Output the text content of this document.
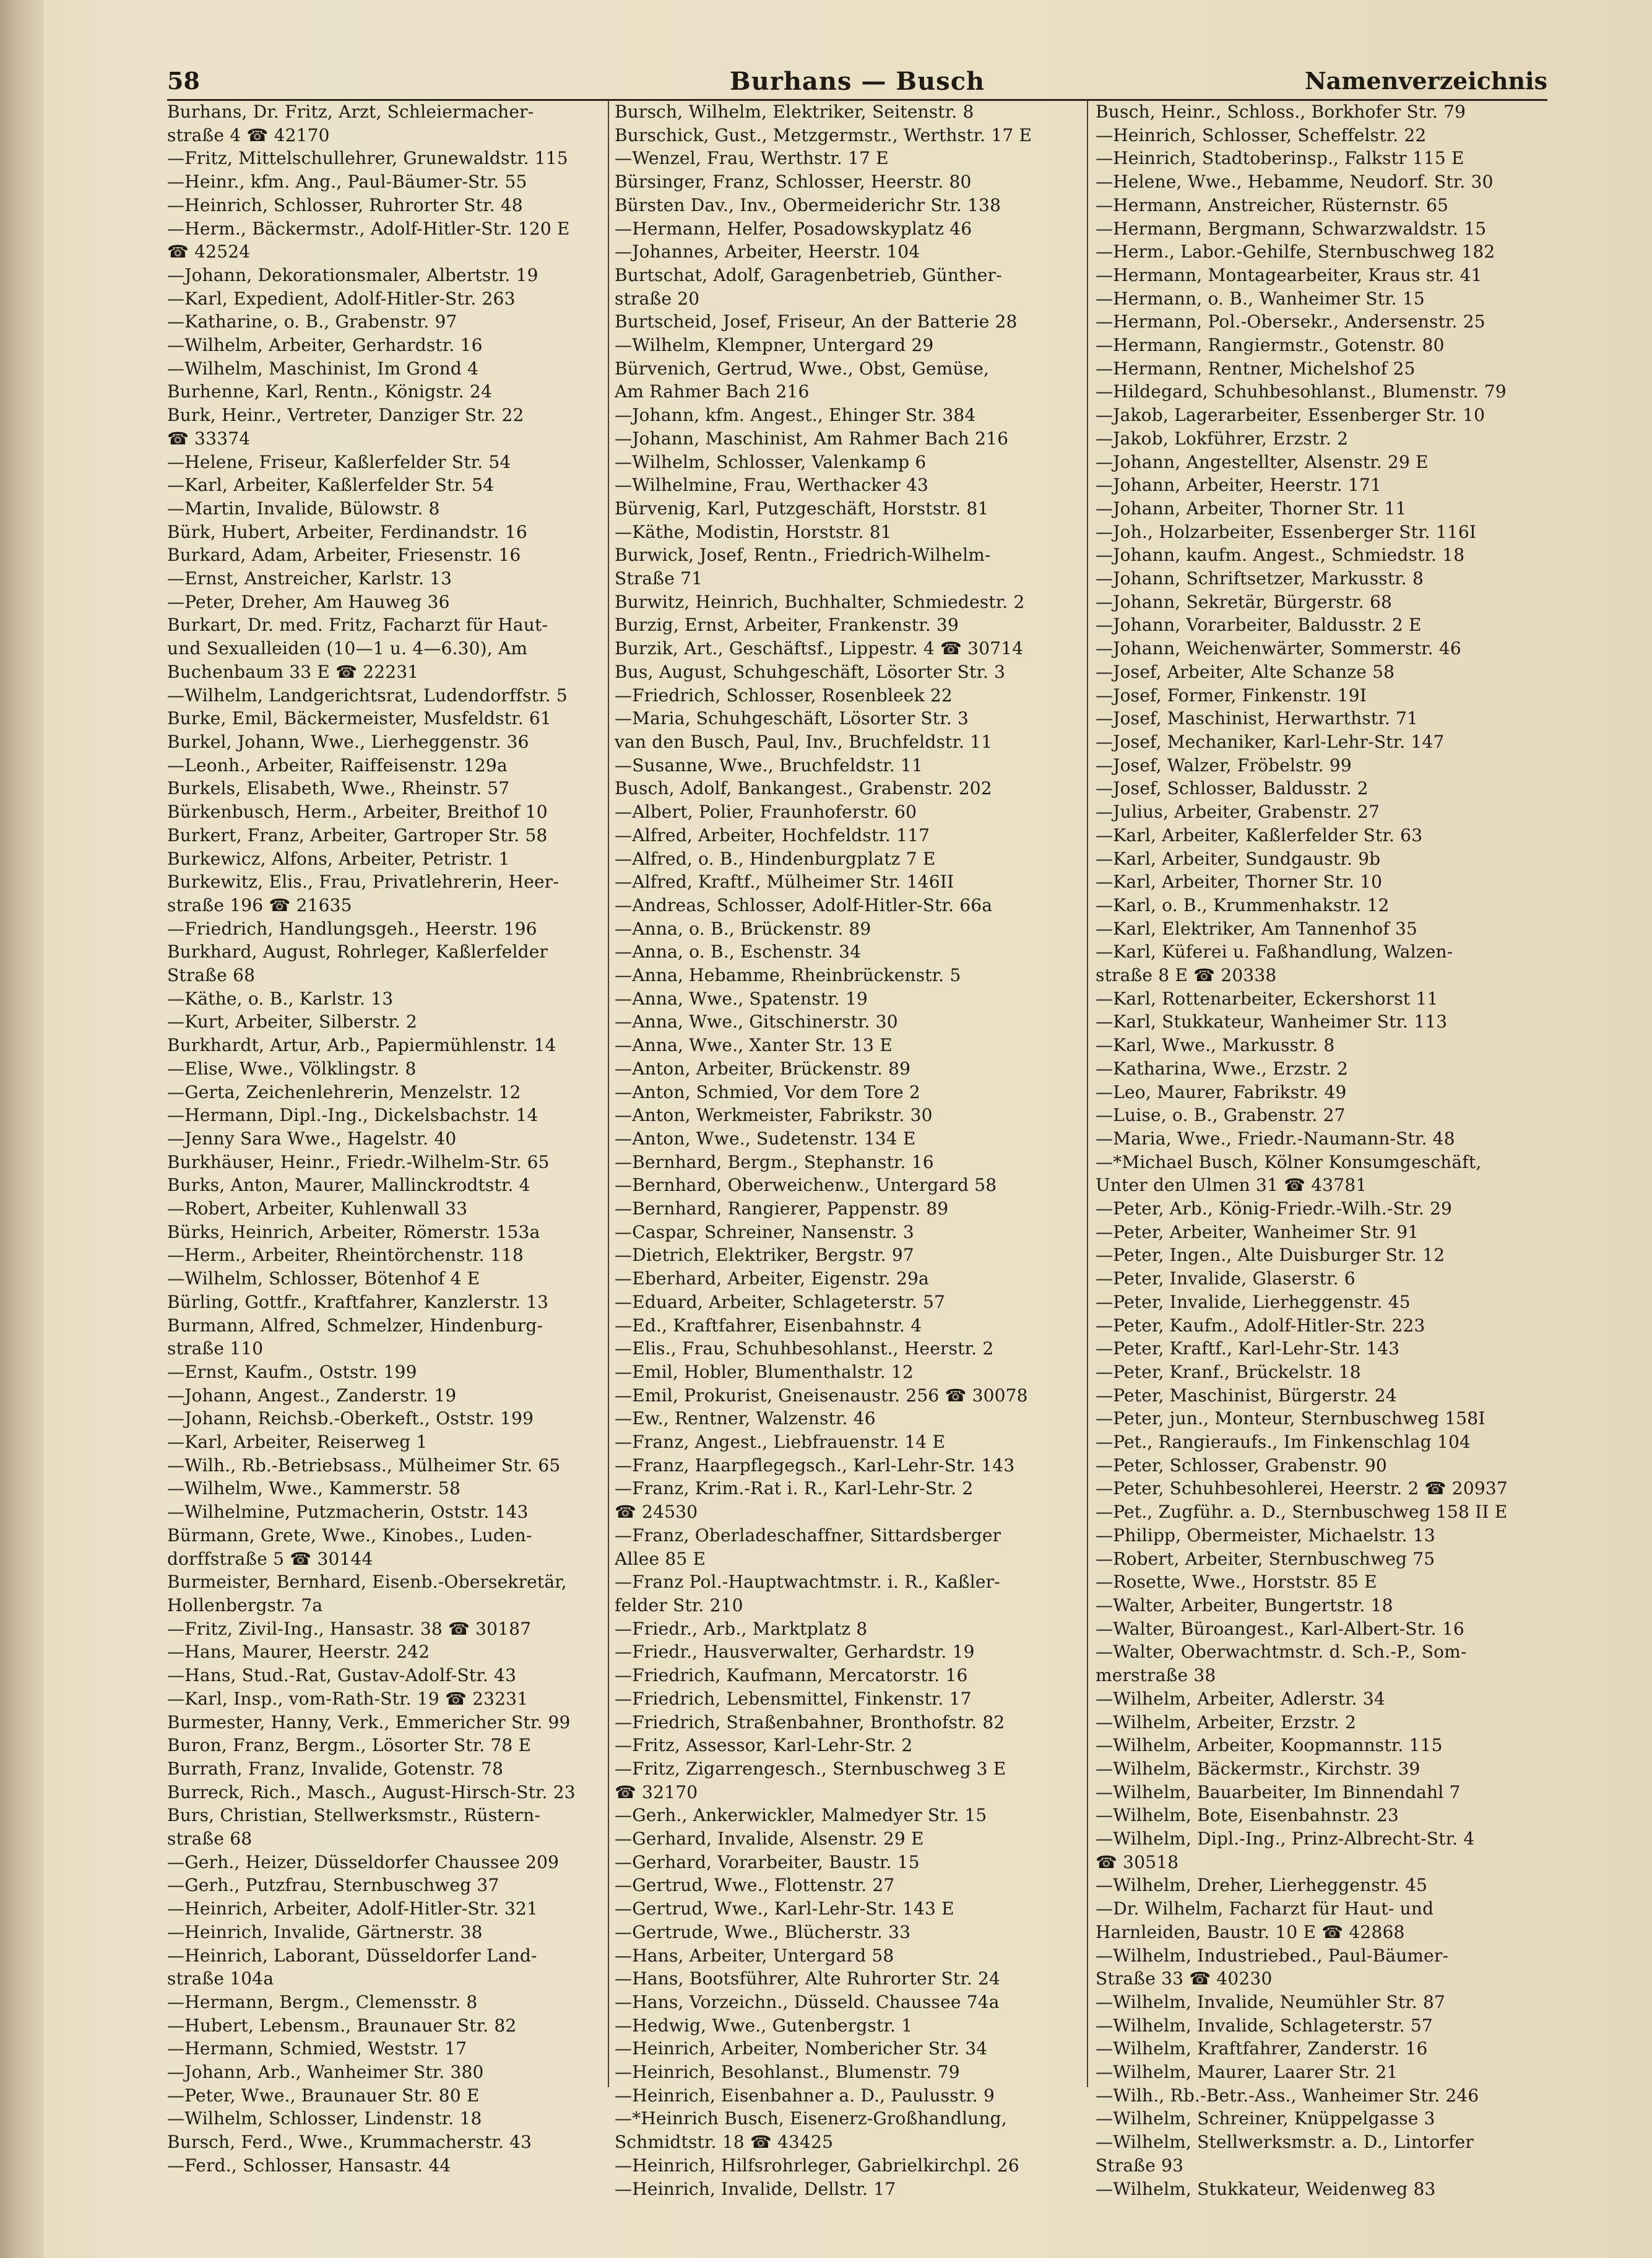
58	Burhans — Busch	Namenverzeichnis

Burhans, Dr. Fritz, Arzt, Schleiermacher-
straße 4 ☎ 42170

—Fritz, Mittelschullehrer, Grunewaldstr. 115

—Heinr., kfm. Ang., Paul-Bäumer-Str. 55

—Heinrich, Schlosser, Ruhrorter Str. 48

—Herm., Bäckermstr., Adolf-Hitler-Str. 120 E
☎ 42524

—Johann, Dekorationsmaler, Albertstr. 19

—Karl, Expedient, Adolf-Hitler-Str. 263

—Katharine, o. B., Grabenstr. 97

—Wilhelm, Arbeiter, Gerhardstr. 16

—Wilhelm, Maschinist, Im Grond 4

Burhenne, Karl, Rentn., Königstr. 24

Burk, Heinr., Vertreter, Danziger Str. 22
☎ 33374

—Helene, Friseur, Kaßlerfelder Str. 54

—Karl, Arbeiter, Kaßlerfelder Str. 54

—Martin, Invalide, Bülowstr. 8

Bürk, Hubert, Arbeiter, Ferdinandstr. 16

Burkard, Adam, Arbeiter, Friesenstr. 16

—Ernst, Anstreicher, Karlstr. 13

—Peter, Dreher, Am Hauweg 36

Burkart, Dr. med. Fritz, Facharzt für Haut-
und Sexualleiden (10—1 u. 4—6.30), Am
Buchenbaum 33 E ☎ 22231

—Wilhelm, Landgerichtsrat, Ludendorffstr. 5

Burke, Emil, Bäckermeister, Musfeldstr. 61

Burkel, Johann, Wwe., Lierheggenstr. 36

—Leonh., Arbeiter, Raiffeisenstr. 129a

Burkels, Elisabeth, Wwe., Rheinstr. 57

Bürkenbusch, Herm., Arbeiter, Breithof 10

Burkert, Franz, Arbeiter, Gartroper Str. 58

Burkewicz, Alfons, Arbeiter, Petristr. 1

Burkewitz, Elis., Frau, Privatlehrerin, Heer-
straße 196 ☎ 21635

—Friedrich, Handlungsgeh., Heerstr. 196

Burkhard, August, Rohrleger, Kaßlerfelder
Straße 68

—Käthe, o. B., Karlstr. 13

—Kurt, Arbeiter, Silberstr. 2

Burkhardt, Artur, Arb., Papiermühlenstr. 14

—Elise, Wwe., Völklingstr. 8

—Gerta, Zeichenlehrerin, Menzelstr. 12

—Hermann, Dipl.-Ing., Dickelsbachstr. 14

—Jenny Sara Wwe., Hagelstr. 40

Burkhäuser, Heinr., Friedr.-Wilhelm-Str. 65

Burks, Anton, Maurer, Mallinckrodtstr. 4

—Robert, Arbeiter, Kuhlenwall 33

Bürks, Heinrich, Arbeiter, Römerstr. 153a

—Herm., Arbeiter, Rheintörchenstr. 118

—Wilhelm, Schlosser, Bötenhof 4 E

Bürling, Gottfr., Kraftfahrer, Kanzlerstr. 13

Burmann, Alfred, Schmelzer, Hindenburg-
straße 110

—Ernst, Kaufm., Oststr. 199

—Johann, Angest., Zanderstr. 19

—Johann, Reichsb.-Oberkeft., Oststr. 199

—Karl, Arbeiter, Reiserweg 1

—Wilh., Rb.-Betriebsass., Mülheimer Str. 65

—Wilhelm, Wwe., Kammerstr. 58

—Wilhelmine, Putzmacherin, Oststr. 143

Bürmann, Grete, Wwe., Kinobes., Luden-
dorffstraße 5 ☎ 30144

Burmeister, Bernhard, Eisenb.-Obersekretär,
Hollenbergstr. 7a

—Fritz, Zivil-Ing., Hansastr. 38 ☎ 30187

—Hans, Maurer, Heerstr. 242

—Hans, Stud.-Rat, Gustav-Adolf-Str. 43

—Karl, Insp., vom-Rath-Str. 19 ☎ 23231

Burmester, Hanny, Verk., Emmericher Str. 99

Buron, Franz, Bergm., Lösorter Str. 78 E

Burrath, Franz, Invalide, Gotenstr. 78

Burreck, Rich., Masch., August-Hirsch-Str. 23

Burs, Christian, Stellwerksmstr., Rüstern-
straße 68

—Gerh., Heizer, Düsseldorfer Chaussee 209

—Gerh., Putzfrau, Sternbuschweg 37

—Heinrich, Arbeiter, Adolf-Hitler-Str. 321

—Heinrich, Invalide, Gärtnerstr. 38

—Heinrich, Laborant, Düsseldorfer Land-
straße 104a

—Hermann, Bergm., Clemensstr. 8

—Hubert, Lebensm., Braunauer Str. 82

—Hermann, Schmied, Weststr. 17

—Johann, Arb., Wanheimer Str. 380

—Peter, Wwe., Braunauer Str. 80 E

—Wilhelm, Schlosser, Lindenstr. 18

Bursch, Ferd., Wwe., Krummacherstr. 43

—Ferd., Schlosser, Hansastr. 44

Bursch, Wilhelm, Elektriker, Seitenstr. 8

Burschick, Gust., Metzgermstr., Werthstr. 17 E

—Wenzel, Frau, Werthstr. 17 E

Bürsinger, Franz, Schlosser, Heerstr. 80

Bürsten Dav., Inv., Obermeiderichr Str. 138

—Hermann, Helfer, Posadowskyplatz 46

—Johannes, Arbeiter, Heerstr. 104

Burtschat, Adolf, Garagenbetrieb, Günther-
straße 20

Burtscheid, Josef, Friseur, An der Batterie 28

—Wilhelm, Klempner, Untergard 29

Bürvenich, Gertrud, Wwe., Obst, Gemüse,
Am Rahmer Bach 216

—Johann, kfm. Angest., Ehinger Str. 384

—Johann, Maschinist, Am Rahmer Bach 216

—Wilhelm, Schlosser, Valenkamp 6

—Wilhelmine, Frau, Werthacker 43

Bürvenig, Karl, Putzgeschäft, Horststr. 81

—Käthe, Modistin, Horststr. 81

Burwick, Josef, Rentn., Friedrich-Wilhelm-
Straße 71

Burwitz, Heinrich, Buchhalter, Schmiedestr. 2

Burzig, Ernst, Arbeiter, Frankenstr. 39

Burzik, Art., Geschäftsf., Lippestr. 4 ☎ 30714

Bus, August, Schuhgeschäft, Lösorter Str. 3

—Friedrich, Schlosser, Rosenbleek 22

—Maria, Schuhgeschäft, Lösorter Str. 3

van den Busch, Paul, Inv., Bruchfeldstr. 11

—Susanne, Wwe., Bruchfeldstr. 11

Busch, Adolf, Bankangest., Grabenstr. 202

—Albert, Polier, Fraunhoferstr. 60

—Alfred, Arbeiter, Hochfeldstr. 117

—Alfred, o. B., Hindenburgplatz 7 E

—Alfred, Kraftf., Mülheimer Str. 146II

—Andreas, Schlosser, Adolf-Hitler-Str. 66a

—Anna, o. B., Brückenstr. 89

—Anna, o. B., Eschenstr. 34

—Anna, Hebamme, Rheinbrückenstr. 5

—Anna, Wwe., Spatenstr. 19

—Anna, Wwe., Gitschinerstr. 30

—Anna, Wwe., Xanter Str. 13 E

—Anton, Arbeiter, Brückenstr. 89

—Anton, Schmied, Vor dem Tore 2

—Anton, Werkmeister, Fabrikstr. 30

—Anton, Wwe., Sudetenstr. 134 E

—Bernhard, Bergm., Stephanstr. 16

—Bernhard, Oberweichenw., Untergard 58

—Bernhard, Rangierer, Pappenstr. 89

—Caspar, Schreiner, Nansenstr. 3

—Dietrich, Elektriker, Bergstr. 97

—Eberhard, Arbeiter, Eigenstr. 29a

—Eduard, Arbeiter, Schlageterstr. 57

—Ed., Kraftfahrer, Eisenbahnstr. 4

—Elis., Frau, Schuhbesohlanst., Heerstr. 2

—Emil, Hobler, Blumenthalstr. 12

—Emil, Prokurist, Gneisenaustr. 256 ☎ 30078

—Ew., Rentner, Walzenstr. 46

—Franz, Angest., Liebfrauenstr. 14 E

—Franz, Haarpflegegsch., Karl-Lehr-Str. 143

—Franz, Krim.-Rat i. R., Karl-Lehr-Str. 2
☎ 24530

—Franz, Oberladeschaffner, Sittardsberger
Allee 85 E

—Franz Pol.-Hauptwachtmstr. i. R., Kaßler-
felder Str. 210

—Friedr., Arb., Marktplatz 8

—Friedr., Hausverwalter, Gerhardstr. 19

—Friedrich, Kaufmann, Mercatorstr. 16

—Friedrich, Lebensmittel, Finkenstr. 17

—Friedrich, Straßenbahner, Bronthofstr. 82

—Fritz, Assessor, Karl-Lehr-Str. 2

—Fritz, Zigarrengesch., Sternbuschweg 3 E
☎ 32170

—Gerh., Ankerwickler, Malmedyer Str. 15

—Gerhard, Invalide, Alsenstr. 29 E

—Gerhard, Vorarbeiter, Baustr. 15

—Gertrud, Wwe., Flottenstr. 27

—Gertrud, Wwe., Karl-Lehr-Str. 143 E

—Gertrude, Wwe., Blücherstr. 33

—Hans, Arbeiter, Untergard 58

—Hans, Bootsführer, Alte Ruhrorter Str. 24

—Hans, Vorzeichn., Düsseld. Chaussee 74a

—Hedwig, Wwe., Gutenbergstr. 1

—Heinrich, Arbeiter, Nombericher Str. 34

—Heinrich, Besohlanst., Blumenstr. 79

—Heinrich, Eisenbahner a. D., Paulusstr. 9

—*Heinrich Busch, Eisenerz-Großhandlung,
Schmidtstr. 18 ☎ 43425

—Heinrich, Hilfsrohrleger, Gabrielkirchpl. 26

—Heinrich, Invalide, Dellstr. 17

Busch, Heinr., Schloss., Borkhofer Str. 79

—Heinrich, Schlosser, Scheffelstr. 22

—Heinrich, Stadtoberinsp., Falkstr 115 E

—Helene, Wwe., Hebamme, Neudorf. Str. 30

—Hermann, Anstreicher, Rüsternstr. 65

—Hermann, Bergmann, Schwarzwaldstr. 15

—Herm., Labor.-Gehilfe, Sternbuschweg 182

—Hermann, Montagearbeiter, Kraus str. 41

—Hermann, o. B., Wanheimer Str. 15

—Hermann, Pol.-Obersekr., Andersenstr. 25

—Hermann, Rangiermstr., Gotenstr. 80

—Hermann, Rentner, Michelshof 25

—Hildegard, Schuhbesohlanst., Blumenstr. 79

—Jakob, Lagerarbeiter, Essenberger Str. 10

—Jakob, Lokführer, Erzstr. 2

—Johann, Angestellter, Alsenstr. 29 E

—Johann, Arbeiter, Heerstr. 171

—Johann, Arbeiter, Thorner Str. 11

—Joh., Holzarbeiter, Essenberger Str. 116I

—Johann, kaufm. Angest., Schmiedstr. 18

—Johann, Schriftsetzer, Markusstr. 8

—Johann, Sekretär, Bürgerstr. 68

—Johann, Vorarbeiter, Baldusstr. 2 E

—Johann, Weichenwärter, Sommerstr. 46

—Josef, Arbeiter, Alte Schanze 58

—Josef, Former, Finkenstr. 19I

—Josef, Maschinist, Herwarthstr. 71

—Josef, Mechaniker, Karl-Lehr-Str. 147

—Josef, Walzer, Fröbelstr. 99

—Josef, Schlosser, Baldusstr. 2

—Julius, Arbeiter, Grabenstr. 27

—Karl, Arbeiter, Kaßlerfelder Str. 63

—Karl, Arbeiter, Sundgaustr. 9b

—Karl, Arbeiter, Thorner Str. 10

—Karl, o. B., Krummenhakstr. 12

—Karl, Elektriker, Am Tannenhof 35

—Karl, Küferei u. Faßhandlung, Walzen-
straße 8 E ☎ 20338

—Karl, Rottenarbeiter, Eckershorst 11

—Karl, Stukkateur, Wanheimer Str. 113

—Karl, Wwe., Markusstr. 8

—Katharina, Wwe., Erzstr. 2

—Leo, Maurer, Fabrikstr. 49

—Luise, o. B., Grabenstr. 27

—Maria, Wwe., Friedr.-Naumann-Str. 48

—*Michael Busch, Kölner Konsumgeschäft,
Unter den Ulmen 31 ☎ 43781

—Peter, Arb., König-Friedr.-Wilh.-Str. 29

—Peter, Arbeiter, Wanheimer Str. 91

—Peter, Ingen., Alte Duisburger Str. 12

—Peter, Invalide, Glaserstr. 6

—Peter, Invalide, Lierheggenstr. 45

—Peter, Kaufm., Adolf-Hitler-Str. 223

—Peter, Kraftf., Karl-Lehr-Str. 143

—Peter, Kranf., Brückelstr. 18

—Peter, Maschinist, Bürgerstr. 24

—Peter, jun., Monteur, Sternbuschweg 158I

—Pet., Rangieraufs., Im Finkenschlag 104

—Peter, Schlosser, Grabenstr. 90

—Peter, Schuhbesohlerei, Heerstr. 2 ☎ 20937

—Pet., Zugführ. a. D., Sternbuschweg 158 II E

—Philipp, Obermeister, Michaelstr. 13

—Robert, Arbeiter, Sternbuschweg 75

—Rosette, Wwe., Horststr. 85 E

—Walter, Arbeiter, Bungertstr. 18

—Walter, Büroangest., Karl-Albert-Str. 16

—Walter, Oberwachtmstr. d. Sch.-P., Som-
merstraße 38

—Wilhelm, Arbeiter, Adlerstr. 34

—Wilhelm, Arbeiter, Erzstr. 2

—Wilhelm, Arbeiter, Koopmannstr. 115

—Wilhelm, Bäckermstr., Kirchstr. 39

—Wilhelm, Bauarbeiter, Im Binnendahl 7

—Wilhelm, Bote, Eisenbahnstr. 23

—Wilhelm, Dipl.-Ing., Prinz-Albrecht-Str. 4
☎ 30518

—Wilhelm, Dreher, Lierheggenstr. 45

—Dr. Wilhelm, Facharzt für Haut- und
Harnleiden, Baustr. 10 E ☎ 42868

—Wilhelm, Industriebed., Paul-Bäumer-
Straße 33 ☎ 40230

—Wilhelm, Invalide, Neumühler Str. 87

—Wilhelm, Invalide, Schlageterstr. 57

—Wilhelm, Kraftfahrer, Zanderstr. 16

—Wilhelm, Maurer, Laarer Str. 21

—Wilh., Rb.-Betr.-Ass., Wanheimer Str. 246

—Wilhelm, Schreiner, Knüppelgasse 3

—Wilhelm, Stellwerksmstr. a. D., Lintorfer
Straße 93

—Wilhelm, Stukkateur, Weidenweg 83
